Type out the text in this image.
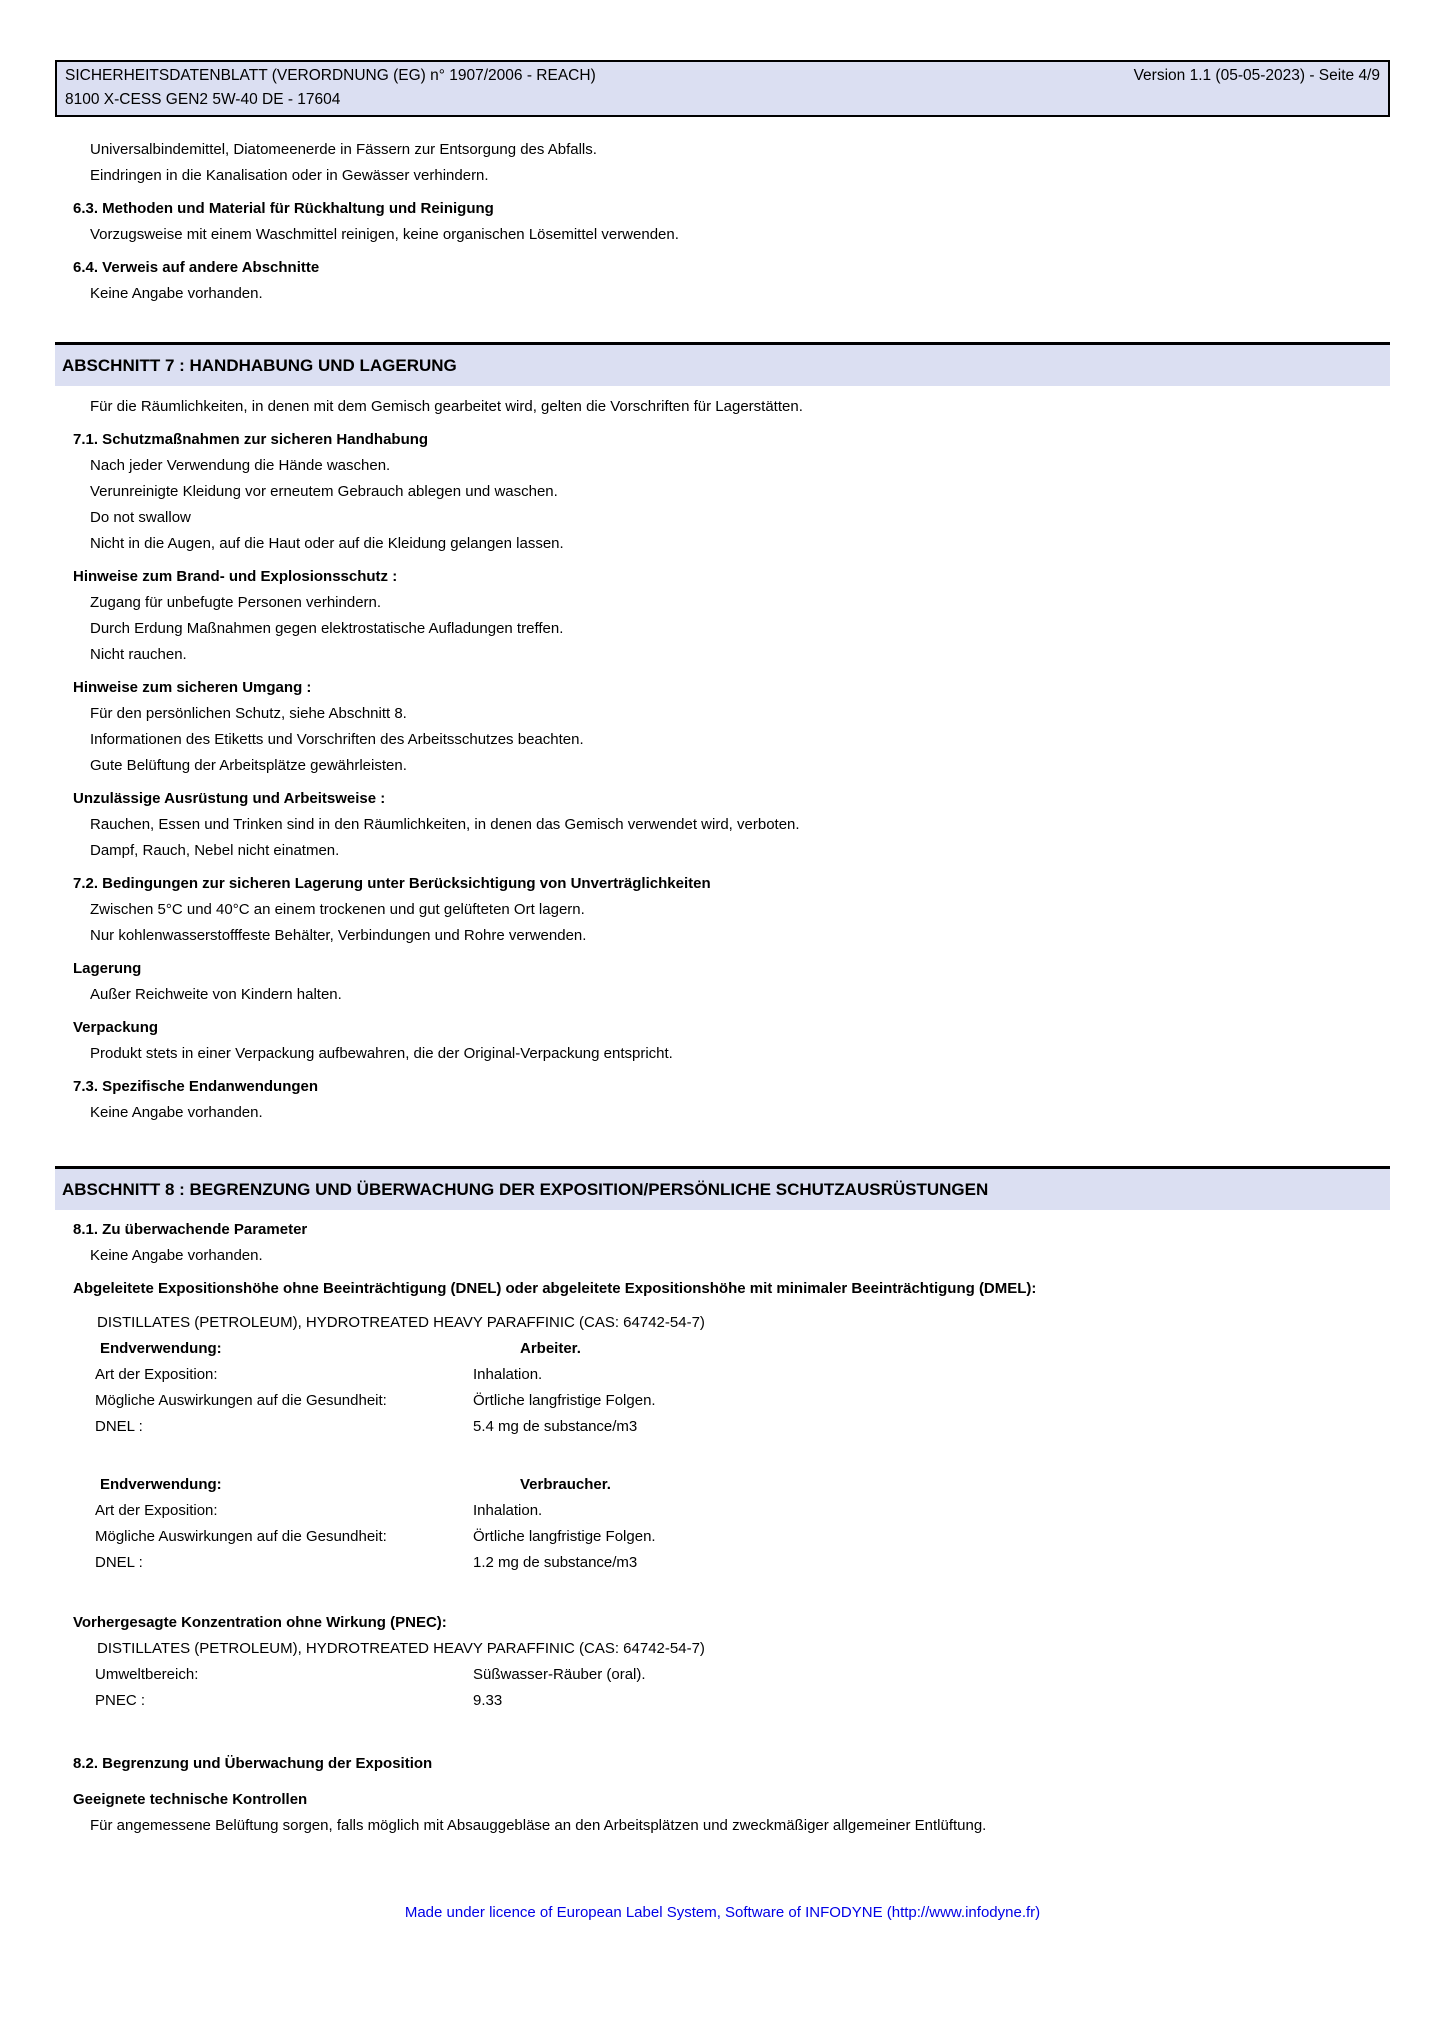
SICHERHEITSDATENBLATT (VERORDNUNG (EG) n° 1907/2006 - REACH)	Version 1.1 (05-05-2023) - Seite 4/9
8100 X-CESS GEN2 5W-40 DE - 17604
Universalbindemittel, Diatomeenerde in Fässern zur Entsorgung des Abfalls.
Eindringen in die Kanalisation oder in Gewässer verhindern.
6.3. Methoden und Material für Rückhaltung und Reinigung
Vorzugsweise mit einem Waschmittel reinigen, keine organischen Lösemittel verwenden.
6.4. Verweis auf andere Abschnitte
Keine Angabe vorhanden.
ABSCHNITT 7 : HANDHABUNG UND LAGERUNG
Für die Räumlichkeiten, in denen mit dem Gemisch gearbeitet wird, gelten die Vorschriften für Lagerstätten.
7.1. Schutzmaßnahmen zur sicheren Handhabung
Nach jeder Verwendung die Hände waschen.
Verunreinigte Kleidung vor erneutem Gebrauch ablegen und waschen.
Do not swallow
Nicht in die Augen, auf die Haut oder auf die Kleidung gelangen lassen.
Hinweise zum Brand- und Explosionsschutz :
Zugang für unbefugte Personen verhindern.
Durch Erdung Maßnahmen gegen elektrostatische Aufladungen treffen.
Nicht rauchen.
Hinweise zum sicheren Umgang :
Für den persönlichen Schutz, siehe Abschnitt 8.
Informationen des Etiketts und Vorschriften des Arbeitsschutzes beachten.
Gute Belüftung der Arbeitsplätze gewährleisten.
Unzulässige Ausrüstung und Arbeitsweise :
Rauchen, Essen und Trinken sind in den Räumlichkeiten, in denen das Gemisch verwendet wird, verboten.
Dampf, Rauch, Nebel nicht einatmen.
7.2. Bedingungen zur sicheren Lagerung unter Berücksichtigung von Unverträglichkeiten
Zwischen 5°C und 40°C an einem trockenen und gut gelüfteten Ort lagern.
Nur kohlenwasserstofffeste Behälter, Verbindungen und Rohre verwenden.
Lagerung
Außer Reichweite von Kindern halten.
Verpackung
Produkt stets in einer Verpackung aufbewahren, die der Original-Verpackung entspricht.
7.3. Spezifische Endanwendungen
Keine Angabe vorhanden.
ABSCHNITT 8 : BEGRENZUNG UND ÜBERWACHUNG DER EXPOSITION/PERSÖNLICHE SCHUTZAUSRÜSTUNGEN
8.1. Zu überwachende Parameter
Keine Angabe vorhanden.
Abgeleitete Expositionshöhe ohne Beeinträchtigung (DNEL) oder abgeleitete Expositionshöhe mit minimaler Beeinträchtigung (DMEL):
DISTILLATES (PETROLEUM), HYDROTREATED HEAVY PARAFFINIC (CAS: 64742-54-7)
Endverwendung:	Arbeiter.
Art der Exposition:	Inhalation.
Mögliche Auswirkungen auf die Gesundheit:	Örtliche langfristige Folgen.
DNEL :	5.4 mg de substance/m3
Endverwendung:	Verbraucher.
Art der Exposition:	Inhalation.
Mögliche Auswirkungen auf die Gesundheit:	Örtliche langfristige Folgen.
DNEL :	1.2 mg de substance/m3
Vorhergesagte Konzentration ohne Wirkung (PNEC):
DISTILLATES (PETROLEUM), HYDROTREATED HEAVY PARAFFINIC (CAS: 64742-54-7)
Umweltbereich:	Süßwasser-Räuber (oral).
PNEC :	9.33
8.2. Begrenzung und Überwachung der Exposition
Geeignete technische Kontrollen
Für angemessene Belüftung sorgen, falls möglich mit Absauggebläse an den Arbeitsplätzen und zweckmäßiger allgemeiner Entlüftung.
Made under licence of European Label System, Software of INFODYNE (http://www.infodyne.fr)
